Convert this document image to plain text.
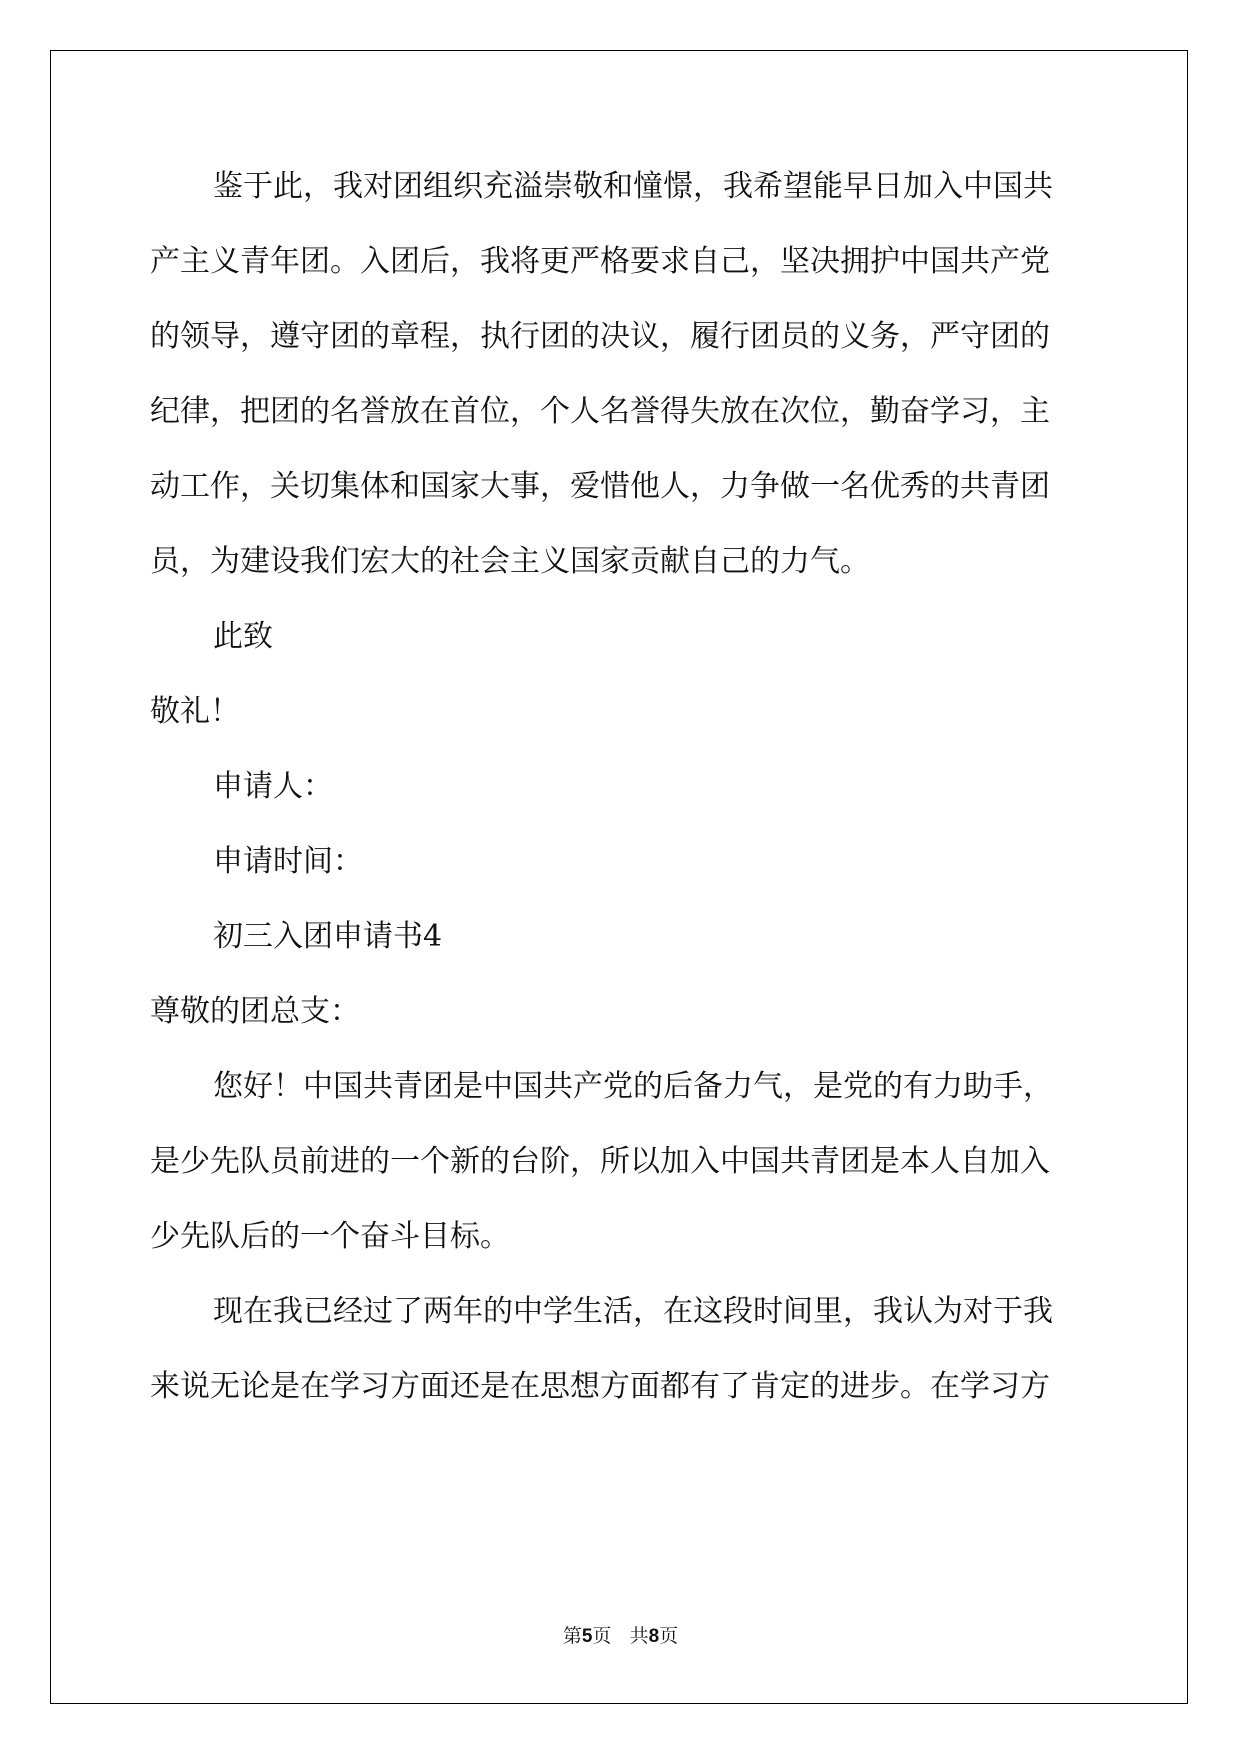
鉴于此，我对团组织充溢崇敬和憧憬，我希望能早日加入中国共
产主义青年团。入团后，我将更严格要求自己，坚决拥护中国共产党
的领导，遵守团的章程，执行团的决议，履行团员的义务，严守团的
纪律，把团的名誉放在首位，个人名誉得失放在次位，勤奋学习，主
动工作，关切集体和国家大事，爱惜他人，力争做一名优秀的共青团
员，为建设我们宏大的社会主义国家贡献自己的力气。
此致
敬礼！
申请人：
申请时间：
初三入团申请书4
尊敬的团总支：
您好！中国共青团是中国共产党的后备力气，是党的有力助手，
是少先队员前进的一个新的台阶，所以加入中国共青团是本人自加入
少先队后的一个奋斗目标。
现在我已经过了两年的中学生活，在这段时间里，我认为对于我
来说无论是在学习方面还是在思想方面都有了肯定的进步。在学习方
第5页 共8页
